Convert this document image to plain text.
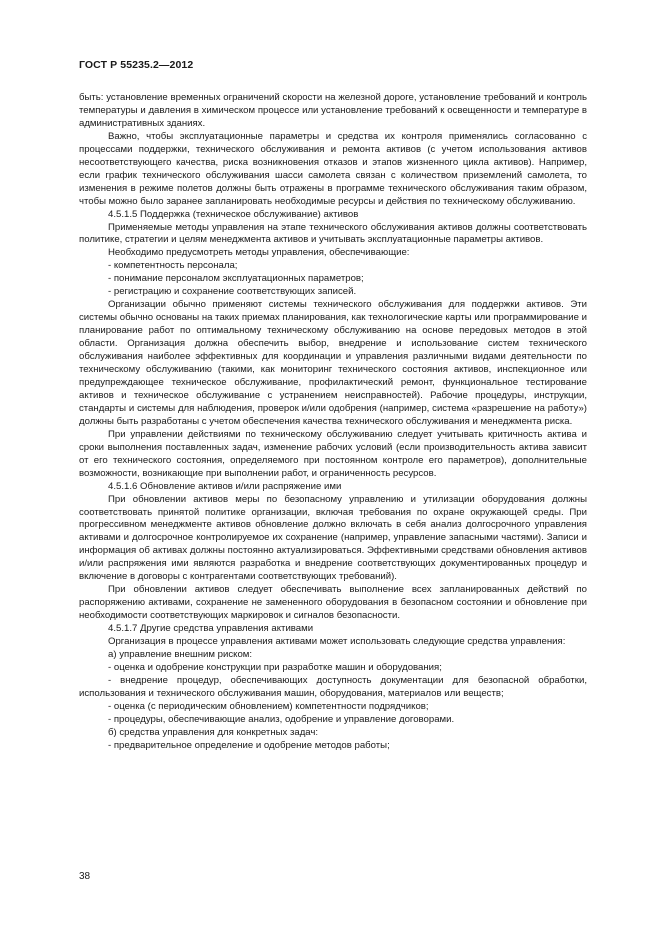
ГОСТ Р 55235.2—2012

быть: установление временных ограничений скорости на железной дороге, установление требований и контроль температуры и давления в химическом процессе или установление требований к освещенности и температуре в административных зданиях.

Важно, чтобы эксплуатационные параметры и средства их контроля применялись согласованно с процессами поддержки, технического обслуживания и ремонта активов (с учетом использования активов несоответствующего качества, риска возникновения отказов и этапов жизненного цикла активов). Например, если график технического обслуживания шасси самолета связан с количеством приземлений самолета, то изменения в режиме полетов должны быть отражены в программе технического обслуживания таким образом, чтобы можно было заранее запланировать необходимые ресурсы и действия по техническому обслуживанию.

4.5.1.5 Поддержка (техническое обслуживание) активов

Применяемые методы управления на этапе технического обслуживания активов должны соответствовать политике, стратегии и целям менеджмента активов и учитывать эксплуатационные параметры активов.

Необходимо предусмотреть методы управления, обеспечивающие:

- компетентность персонала;

- понимание персоналом эксплуатационных параметров;

- регистрацию и сохранение соответствующих записей.

Организации обычно применяют системы технического обслуживания для поддержки активов. Эти системы обычно основаны на таких приемах планирования, как технологические карты или программирование и планирование работ по оптимальному техническому обслуживанию на основе передовых методов в этой области. Организация должна обеспечить выбор, внедрение и использование систем технического обслуживания наиболее эффективных для координации и управления различными видами деятельности по техническому обслуживанию (такими, как мониторинг технического состояния активов, инспекционное или предупреждающее техническое обслуживание, профилактический ремонт, функциональное тестирование активов и техническое обслуживание с устранением неисправностей). Рабочие процедуры, инструкции, стандарты и системы для наблюдения, проверок и/или одобрения (например, система «разрешение на работу») должны быть разработаны с учетом обеспечения качества технического обслуживания и менеджмента риска.

При управлении действиями по техническому обслуживанию следует учитывать критичность актива и сроки выполнения поставленных задач, изменение рабочих условий (если производительность актива зависит от его технического состояния, определяемого при постоянном контроле его параметров), дополнительные возможности, возникающие при выполнении работ, и ограниченность ресурсов.

4.5.1.6 Обновление активов и/или распряжение ими

При обновлении активов меры по безопасному управлению и утилизации оборудования должны соответствовать принятой политике организации, включая требования по охране окружающей среды. При прогрессивном менеджменте активов обновление должно включать в себя анализ долгосрочного управления активами и долгосрочное контролируемое их сохранение (например, управление запасными частями). Записи и информация об активах должны постоянно актуализироваться. Эффективными средствами обновления активов и/или распряжения ими являются разработка и внедрение соответствующих документированных процедур и включение в договоры с контрагентами соответствующих требований).

При обновлении активов следует обеспечивать выполнение всех запланированных действий по распоряжению активами, сохранение не замененного оборудования в безопасном состоянии и обновление при необходимости соответствующих маркировок и сигналов безопасности.

4.5.1.7 Другие средства управления активами

Организация в процессе управления активами может использовать следующие средства управления:

а) управление внешним риском:

- оценка и одобрение конструкции при разработке машин и оборудования;

- внедрение процедур, обеспечивающих доступность документации для безопасной обработки, использования и технического обслуживания машин, оборудования, материалов или веществ;

- оценка (с периодическим обновлением) компетентности подрядчиков;

- процедуры, обеспечивающие анализ, одобрение и управление договорами.

б) средства управления для конкретных задач:

- предварительное определение и одобрение методов работы;

38
